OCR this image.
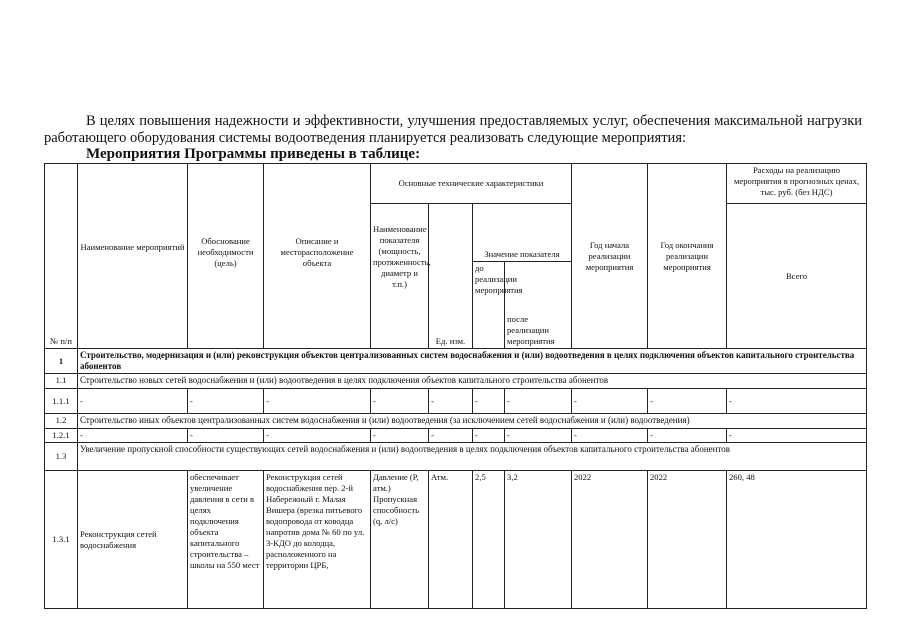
В целях повышения надежности и эффективности, улучшения предоставляемых услуг, обеспечения максимальной нагрузки работающего оборудования системы водоотведения планируется реализовать следующие мероприятия:

Мероприятия Программы приведены в таблице:

№ п/п	Наименование мероприятий	Обоснование необходимости (цель)	Описание и месторасположение объекта	Основные технические характеристики				Год начала реализации мероприятия	Год окончания реализации мероприятия	Расходы на реализацию мероприятия в прогнозных ценах, тыс. руб. (без НДС)
				Наименование показателя (мощность, протяженность, диаметр и т.п.)	Ед. изм.	Значение показателя				Всего
						до реализации мероприятия	после реализации мероприятия			
1	Строительство, модернизация и (или) реконструкция объектов централизованных систем водоснабжения и (или) водоотведения в целях подключения объектов капитального строительства абонентов									
1.1	Строительство новых сетей водоснабжения и (или) водоотведения в целях подключения объектов капитального строительства абонентов									
1.1.1	-	-	-	-	-	-	-	-	-	-
1.2	Строительство иных объектов централизованных систем водоснабжения и (или) водоотведения (за исключением сетей водоснабжения и (или) водоотведения)									
1.2.1	-	-	-	-	-	-	-	-	-	-
1.3	Увеличение пропускной способности существующих сетей водоснабжения и (или) водоотведения в целях подключения объектов капитального строительства абонентов									
1.3.1	Реконструкция сетей водоснабжения	обеспечивает увеличение давления в сети в целях подключения объекта капитального строительства – школы на 550 мест	Реконструкция сетей водоснабжения пер. 2-й Набережный г. Малая Вишера (врезка питьевого водопровода от ководца напротив дома № 60 по ул. 3-КДО до колодца, расположенного на территории ЦРБ,	Давление (Р, атм.) Пропускная способность (q, л/с)	Атм.	2,5	3,2	2022	2022	260, 48
